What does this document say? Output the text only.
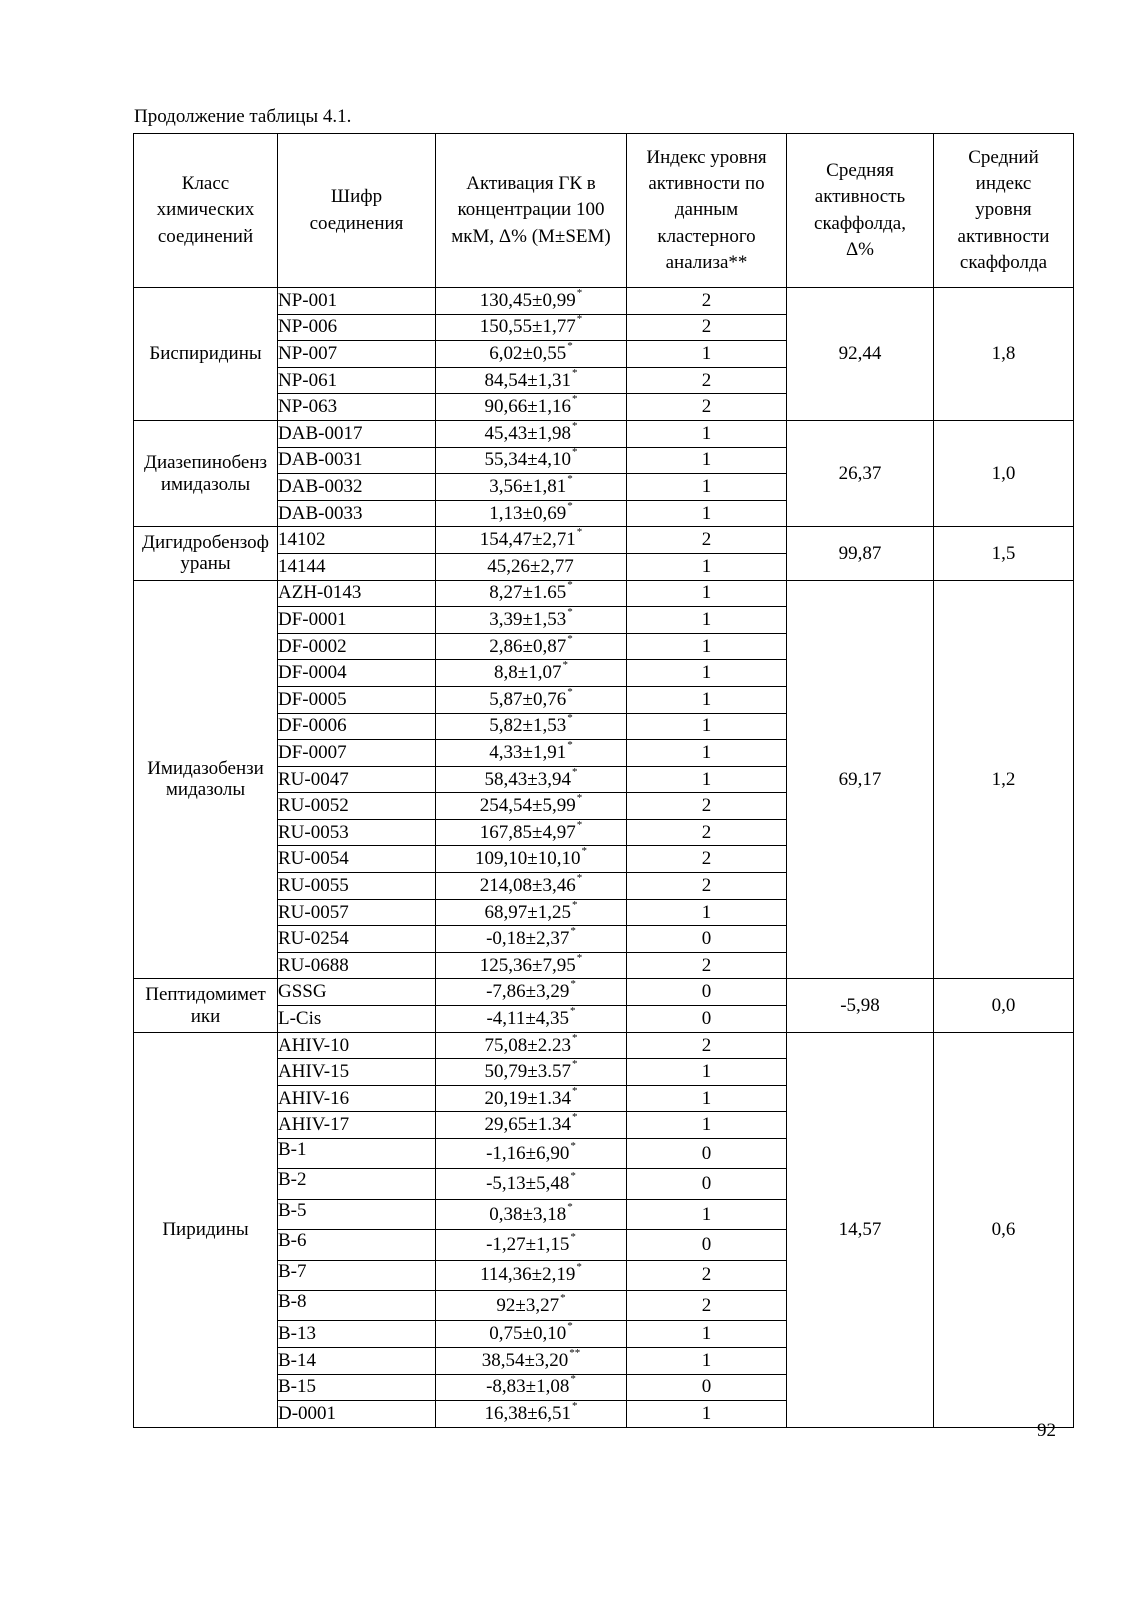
Продолжение таблицы 4.1.
Класс химических соединений	Шифр соединения	Активация ГК в концентрации 100 мкМ, Δ% (M±SEM)	Индекс уровня активности по данным кластерного анализа**	Средняя активность скаффолда, Δ%	Средний индекс уровня активности скаффолда
Биспиридины	NP-001	130,45±0,99*	2	92,44	1,8
	NP-006	150,55±1,77*	2		
	NP-007	6,02±0,55*	1		
	NP-061	84,54±1,31*	2		
	NP-063	90,66±1,16*	2		
Диазепинобензимидазолы	DAB-0017	45,43±1,98*	1	26,37	1,0
	DAB-0031	55,34±4,10*	1		
	DAB-0032	3,56±1,81*	1		
	DAB-0033	1,13±0,69*	1		
Дигидробензофураны	14102	154,47±2,71*	2	99,87	1,5
	14144	45,26±2,77	1		
Имидазобензимидазолы	AZH-0143	8,27±1.65*	1	69,17	1,2
	DF-0001	3,39±1,53*	1		
	DF-0002	2,86±0,87*	1		
	DF-0004	8,8±1,07*	1		
	DF-0005	5,87±0,76*	1		
	DF-0006	5,82±1,53*	1		
	DF-0007	4,33±1,91*	1		
	RU-0047	58,43±3,94*	1		
	RU-0052	254,54±5,99*	2		
	RU-0053	167,85±4,97*	2		
	RU-0054	109,10±10,10*	2		
	RU-0055	214,08±3,46*	2		
	RU-0057	68,97±1,25*	1		
	RU-0254	-0,18±2,37*	0		
	RU-0688	125,36±7,95*	2		
Пептидомиметики	GSSG	-7,86±3,29*	0	-5,98	0,0
	L-Cis	-4,11±4,35*	0		
Пиридины	AHIV-10	75,08±2.23*	2	14,57	0,6
	AHIV-15	50,79±3.57*	1		
	AHIV-16	20,19±1.34*	1		
	AHIV-17	29,65±1.34*	1		
	B-1	-1,16±6,90*	0		
	B-2	-5,13±5,48*	0		
	B-5	0,38±3,18*	1		
	B-6	-1,27±1,15*	0		
	B-7	114,36±2,19*	2		
	B-8	92±3,27*	2		
	B-13	0,75±0,10*	1		
	B-14	38,54±3,20**	1		
	B-15	-8,83±1,08*	0		
	D-0001	16,38±6,51*	1		
92
